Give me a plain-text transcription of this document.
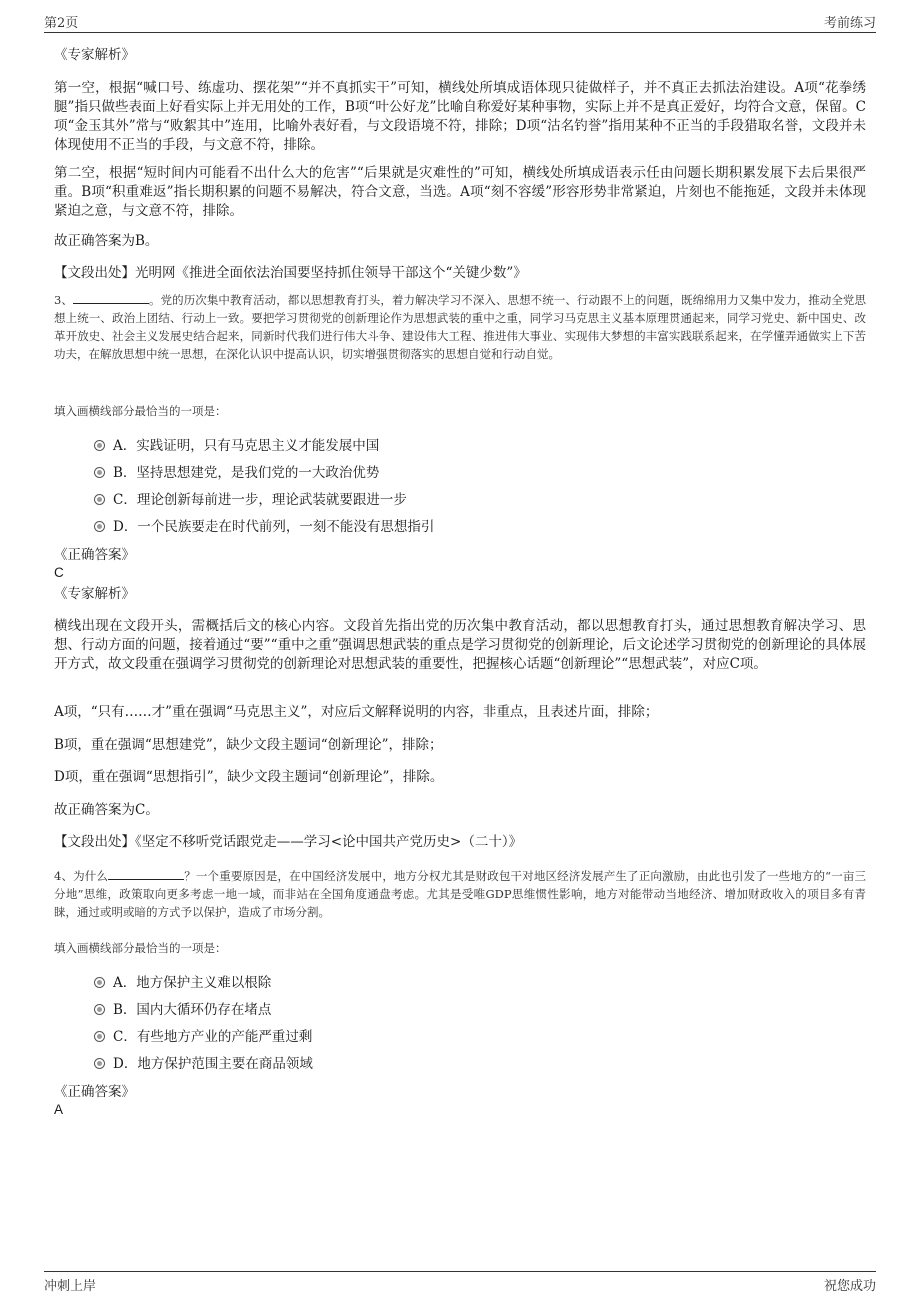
第2页	考前练习
《专家解析》
第一空，根据“喊口号、练虚功、摆花架”“并不真抓实干”可知，横线处所填成语体现只徒做样子，并不真正去抓法治建设。A项“花拳绣腿”指只做些表面上好看实际上并无用处的工作，B项“叶公好龙”比喻自称爱好某种事物，实际上并不是真正爱好，均符合文意，保留。C项“金玉其外”常与“败絮其中”连用，比喻外表好看，与文段语境不符，排除；D项“沽名钓誉”指用某种不正当的手段猎取名誉，文段并未体现使用不正当的手段，与文意不符，排除。
第二空，根据“短时间内可能看不出什么大的危害”“后果就是灾难性的”可知，横线处所填成语表示任由问题长期积累发展下去后果很严重。B项“积重难返”指长期积累的问题不易解决，符合文意，当选。A项“刻不容缓”形容形势非常紧迫，片刻也不能拖延，文段并未体现紧迫之意，与文意不符，排除。
故正确答案为B。
【文段出处】光明网《推进全面依法治国要坚持抓住领导干部这个“关键少数”》
3、	。党的历次集中教育活动，都以思想教育打头，着力解决学习不深入、思想不统一、行动跟不上的问题，既绵绵用力又集中发力，推动全党思想上统一、政治上团结、行动上一致。要把学习贯彻党的创新理论作为思想武装的重中之重，同学习马克思主义基本原理贯通起来，同学习党史、新中国史、改革开放史、社会主义发展史结合起来，同新时代我们进行伟大斗争、建设伟大工程、推进伟大事业、实现伟大梦想的丰富实践联系起来，在学懂弄通做实上下苦功夫，在解放思想中统一思想，在深化认识中提高认识，切实增强贯彻落实的思想自觉和行动自觉。
填入画横线部分最恰当的一项是：
A．实践证明，只有马克思主义才能发展中国
B．坚持思想建党，是我们党的一大政治优势
C．理论创新每前进一步，理论武装就要跟进一步
D．一个民族要走在时代前列，一刻不能没有思想指引
《正确答案》
C
《专家解析》
横线出现在文段开头，需概括后文的核心内容。文段首先指出党的历次集中教育活动，都以思想教育打头，通过思想教育解决学习、思想、行动方面的问题，接着通过“要”“重中之重”强调思想武装的重点是学习贯彻党的创新理论，后文论述学习贯彻党的创新理论的具体展开方式，故文段重在强调学习贯彻党的创新理论对思想武装的重要性，把握核心话题“创新理论”“思想武装”，对应C项。
A项，“只有……才”重在强调“马克思主义”，对应后文解释说明的内容，非重点，且表述片面，排除；
B项，重在强调“思想建党”，缺少文段主题词“创新理论”，排除；
D项，重在强调“思想指引”，缺少文段主题词“创新理论”，排除。
故正确答案为C。
【文段出处】《坚定不移听党话跟党走——学习<论中国共产党历史>（二十）》
4、为什么	？一个重要原因是，在中国经济发展中，地方分权尤其是财政包干对地区经济发展产生了正向激励，由此也引发了一些地方的“一亩三分地”思维，政策取向更多考虑一地一域，而非站在全国角度通盘考虑。尤其是受唯GDP思维惯性影响，地方对能带动当地经济、增加财政收入的项目多有青睐，通过或明或暗的方式予以保护，造成了市场分割。
填入画横线部分最恰当的一项是：
A．地方保护主义难以根除
B．国内大循环仍存在堵点
C．有些地方产业的产能严重过剩
D．地方保护范围主要在商品领域
《正确答案》
A
冲刺上岸	祝您成功
